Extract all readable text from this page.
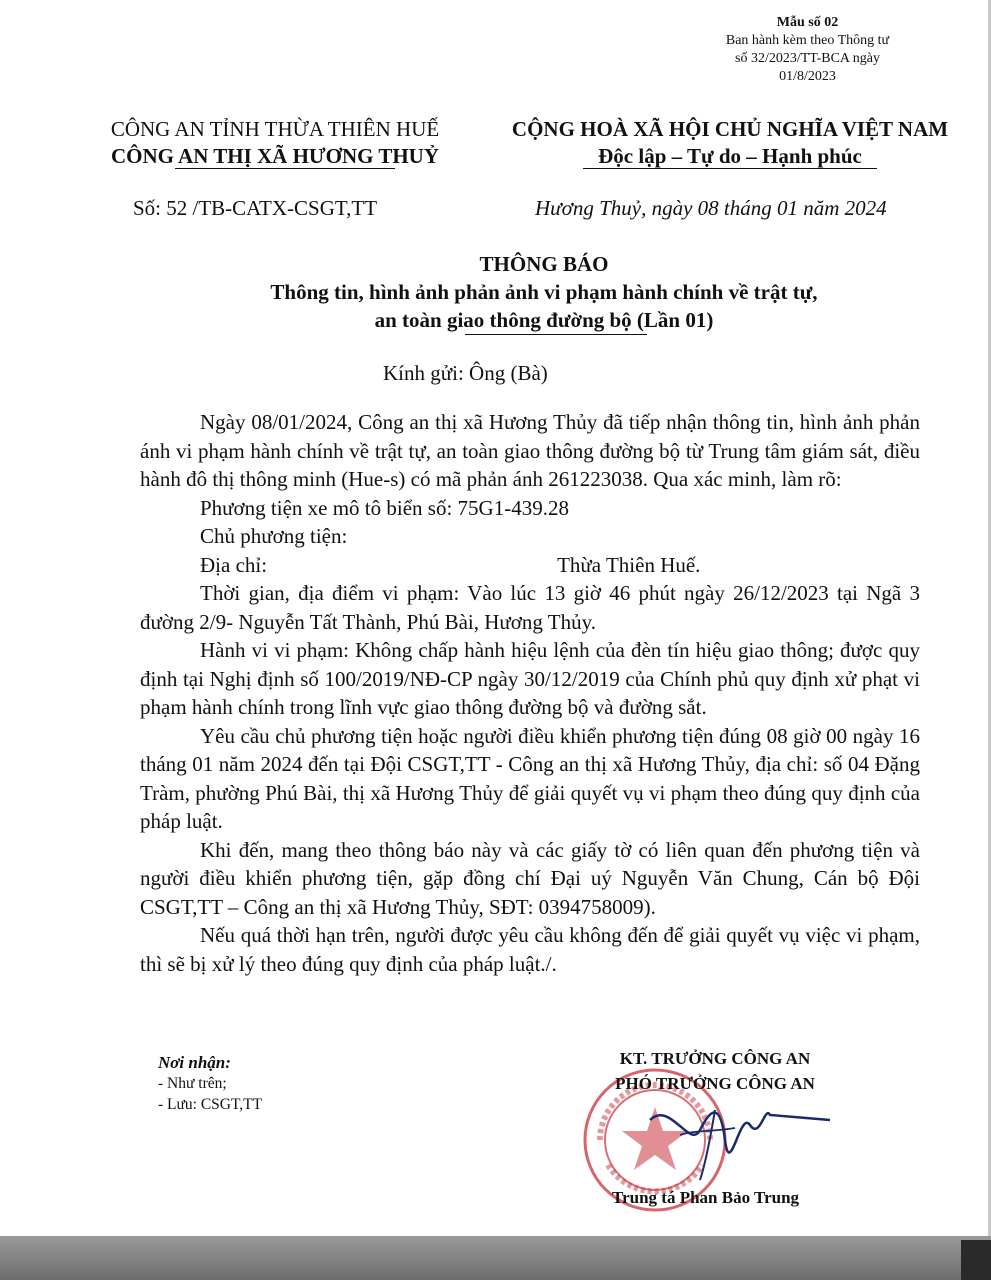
Mẫu số 02
Ban hành kèm theo Thông tư
số 32/2023/TT-BCA ngày
01/8/2023
CÔNG AN TỈNH THỪA THIÊN HUẾ
CÔNG AN THỊ XÃ HƯƠNG THUỶ
CỘNG HOÀ XÃ HỘI CHỦ NGHĨA VIỆT NAM
Độc lập – Tự do – Hạnh phúc
Số: 52 /TB-CATX-CSGT,TT	Hương Thuỷ, ngày 08 tháng 01 năm 2024
THÔNG BÁO
Thông tin, hình ảnh phản ảnh vi phạm hành chính về trật tự,
an toàn giao thông đường bộ (Lần 01)
Kính gửi: Ông (Bà)

Ngày 08/01/2024, Công an thị xã Hương Thủy đã tiếp nhận thông tin, hình ảnh phản ánh vi phạm hành chính về trật tự, an toàn giao thông đường bộ từ Trung tâm giám sát, điều hành đô thị thông minh (Hue-s) có mã phản ánh 261223038. Qua xác minh, làm rõ:

Phương tiện xe mô tô biển số: 75G1-439.28

Chủ phương tiện:

Địa chỉ:	Thừa Thiên Huế.

Thời gian, địa điểm vi phạm: Vào lúc 13 giờ 46 phút ngày 26/12/2023 tại Ngã 3 đường 2/9- Nguyễn Tất Thành, Phú Bài, Hương Thủy.

Hành vi vi phạm: Không chấp hành hiệu lệnh của đèn tín hiệu giao thông; được quy định tại Nghị định số 100/2019/NĐ-CP ngày 30/12/2019 của Chính phủ quy định xử phạt vi phạm hành chính trong lĩnh vực giao thông đường bộ và đường sắt.

Yêu cầu chủ phương tiện hoặc người điều khiển phương tiện đúng 08 giờ 00 ngày 16 tháng 01 năm 2024 đến tại Đội CSGT,TT - Công an thị xã Hương Thủy, địa chỉ: số 04 Đặng Tràm, phường Phú Bài, thị xã Hương Thủy để giải quyết vụ vi phạm theo đúng quy định của pháp luật.

Khi đến, mang theo thông báo này và các giấy tờ có liên quan đến phương tiện và người điều khiển phương tiện, gặp đồng chí Đại uý Nguyễn Văn Chung, Cán bộ Đội CSGT,TT – Công an thị xã Hương Thủy, SĐT: 0394758009).

Nếu quá thời hạn trên, người được yêu cầu không đến để giải quyết vụ việc vi phạm, thì sẽ bị xử lý theo đúng quy định của pháp luật./.

Nơi nhận:
- Như trên;
- Lưu: CSGT,TT
KT. TRƯỞNG CÔNG AN
PHÓ TRƯỞNG CÔNG AN
Trung tá Phan Bảo Trung
